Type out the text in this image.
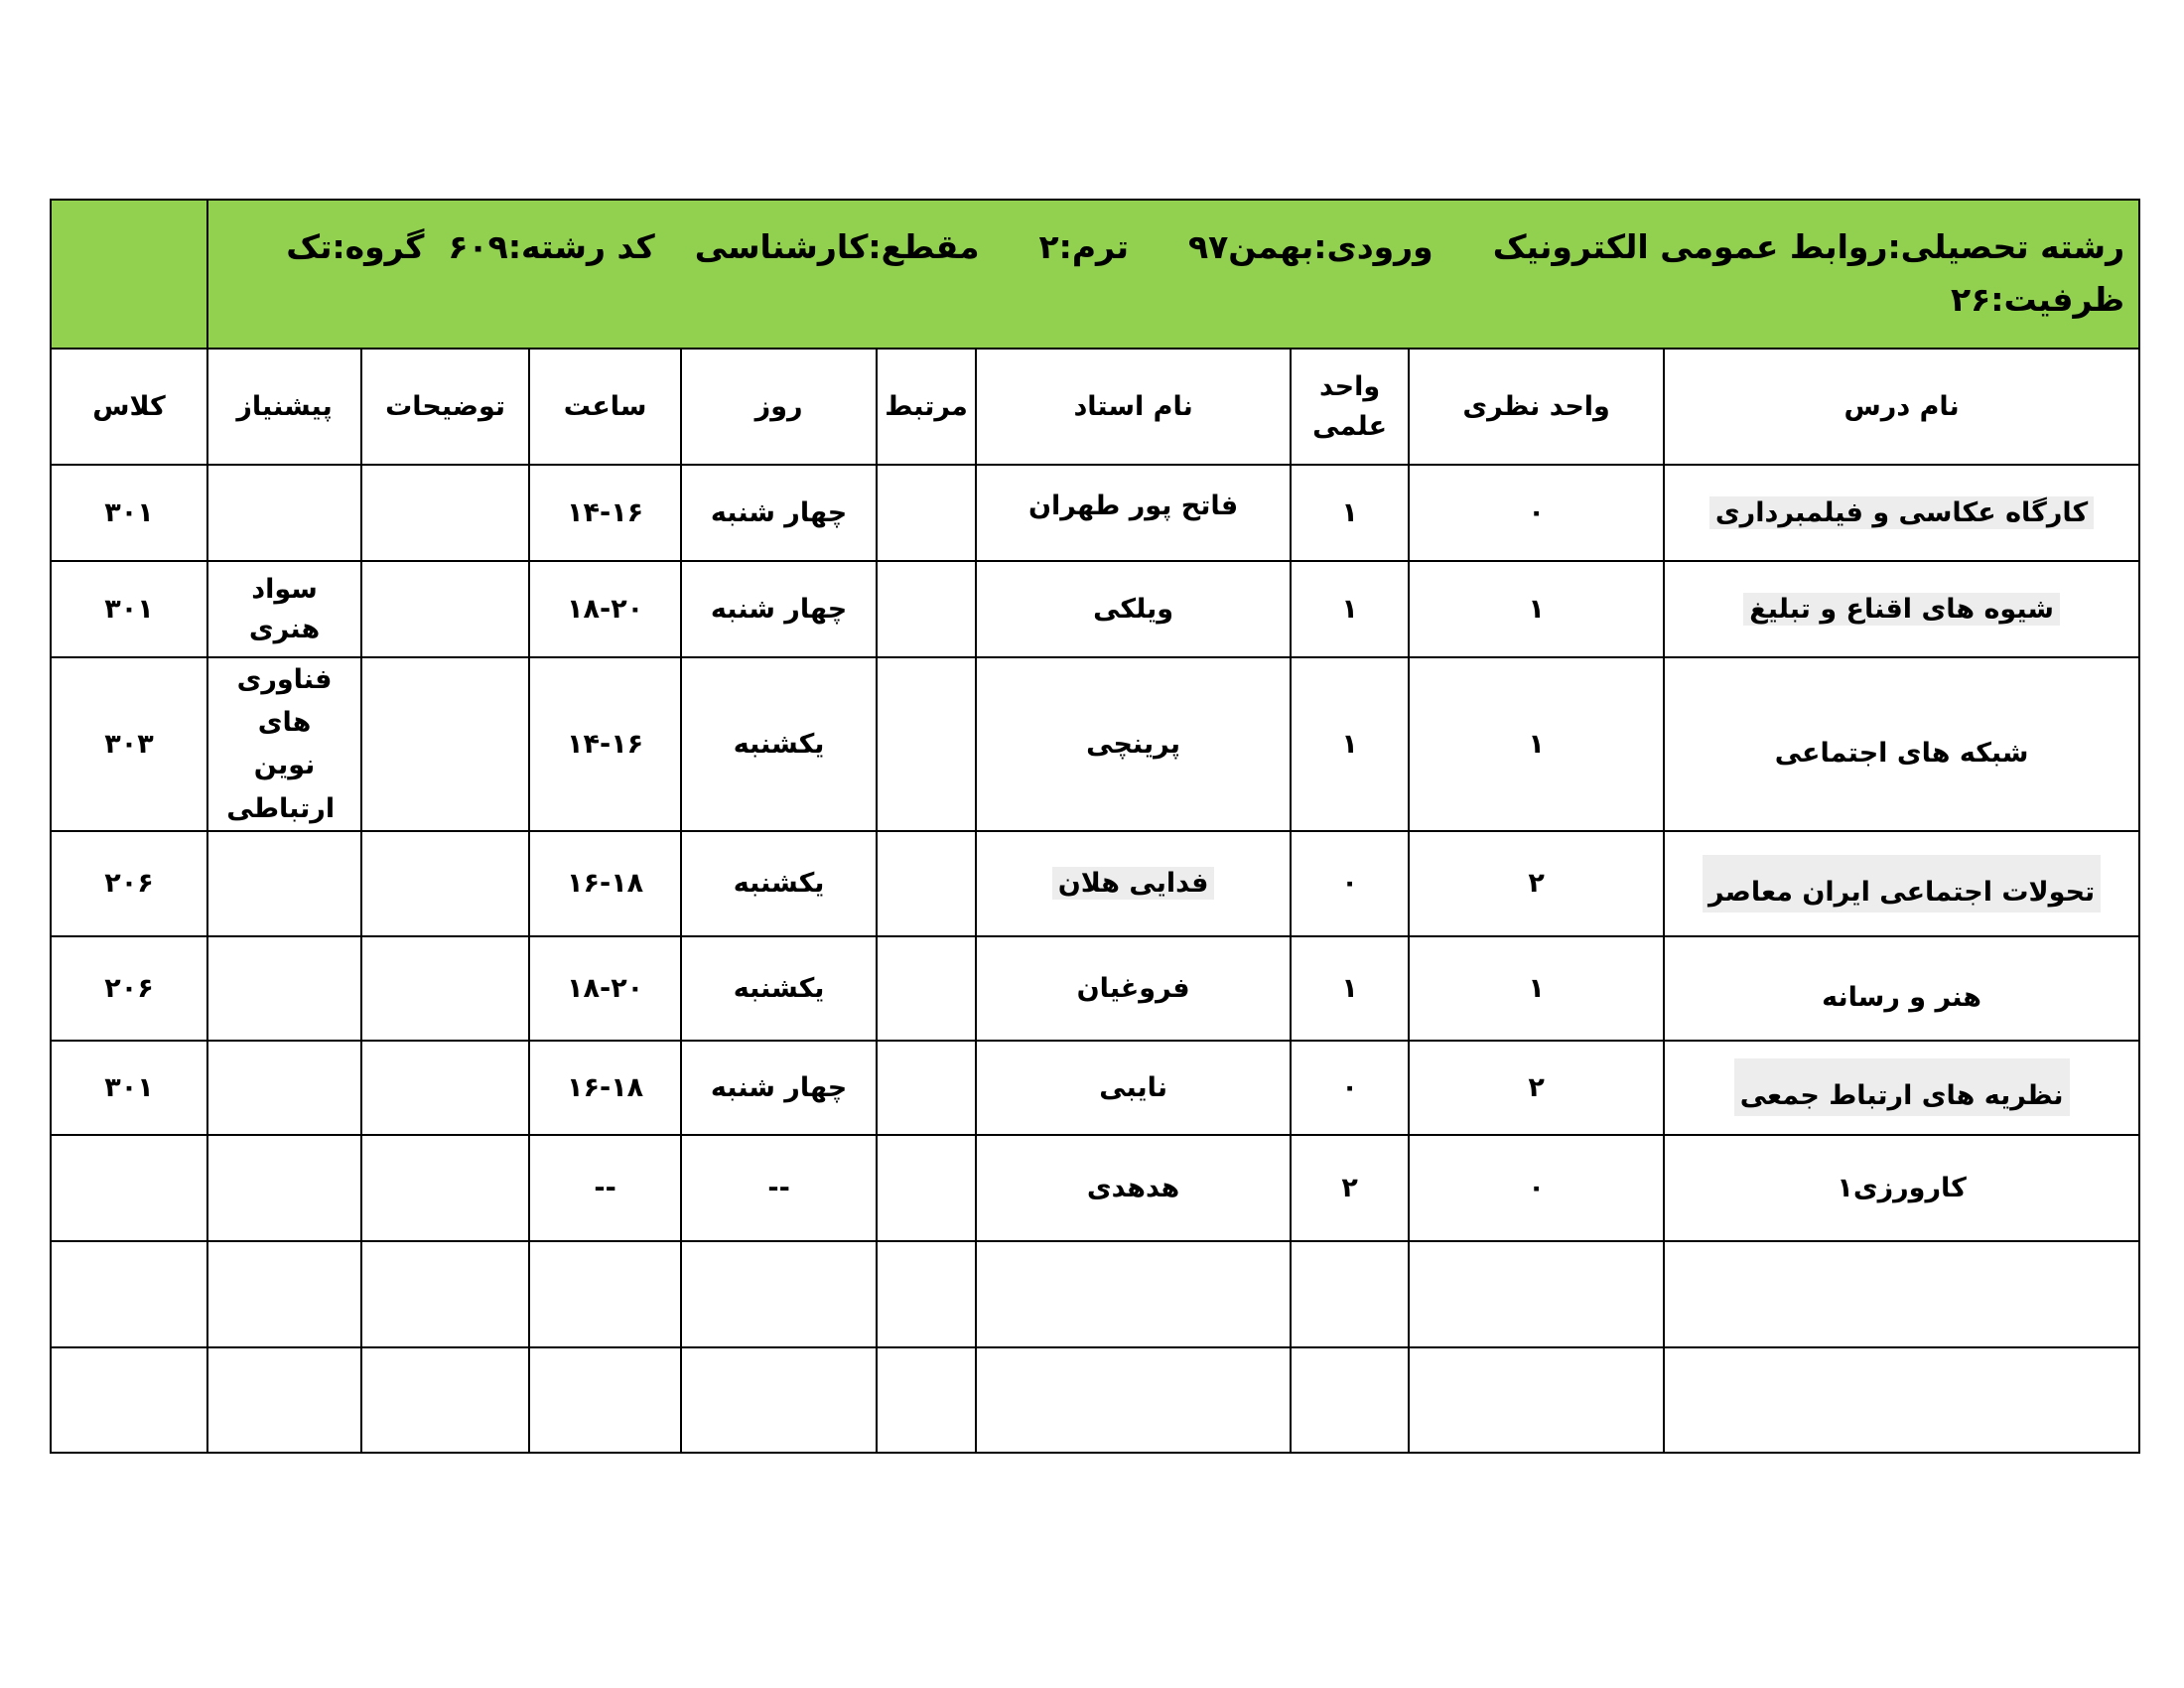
رشته تحصیلی:روابط عمومی الکترونیکورودی:بهمن۹۷ترم:۲مقطع:کارشناسیکد رشته:۶۰۹گروه:تک
ظرفیت:۲۶									

نام درس	واحد نظری	واحد علمی	نام استاد	مرتبط	روز	ساعت	توضیحات	پیشنیاز	کلاس
کارگاه عکاسی و فیلمبرداری	۰	۱	فاتح پور طهران		چهار شنبه	۱۴-۱۶			۳۰۱
شیوه های اقناع و تبلیغ	۱	۱	ویلکی		چهار شنبه	۱۸-۲۰		سواد هنری	۳۰۱
شبکه های اجتماعی	۱	۱	پرینچی		یکشنبه	۱۴-۱۶		فناوری های نوین ارتباطی	۳۰۳
تحولات اجتماعی ایران معاصر	۲	۰	فدایی هلان		یکشنبه	۱۶-۱۸			۲۰۶
هنر و رسانه	۱	۱	فروغیان		یکشنبه	۱۸-۲۰			۲۰۶
نظریه های ارتباط جمعی	۲	۰	نایبی		چهار شنبه	۱۶-۱۸			۳۰۱
کارورزی۱	۰	۲	هدهدی		--	--			
